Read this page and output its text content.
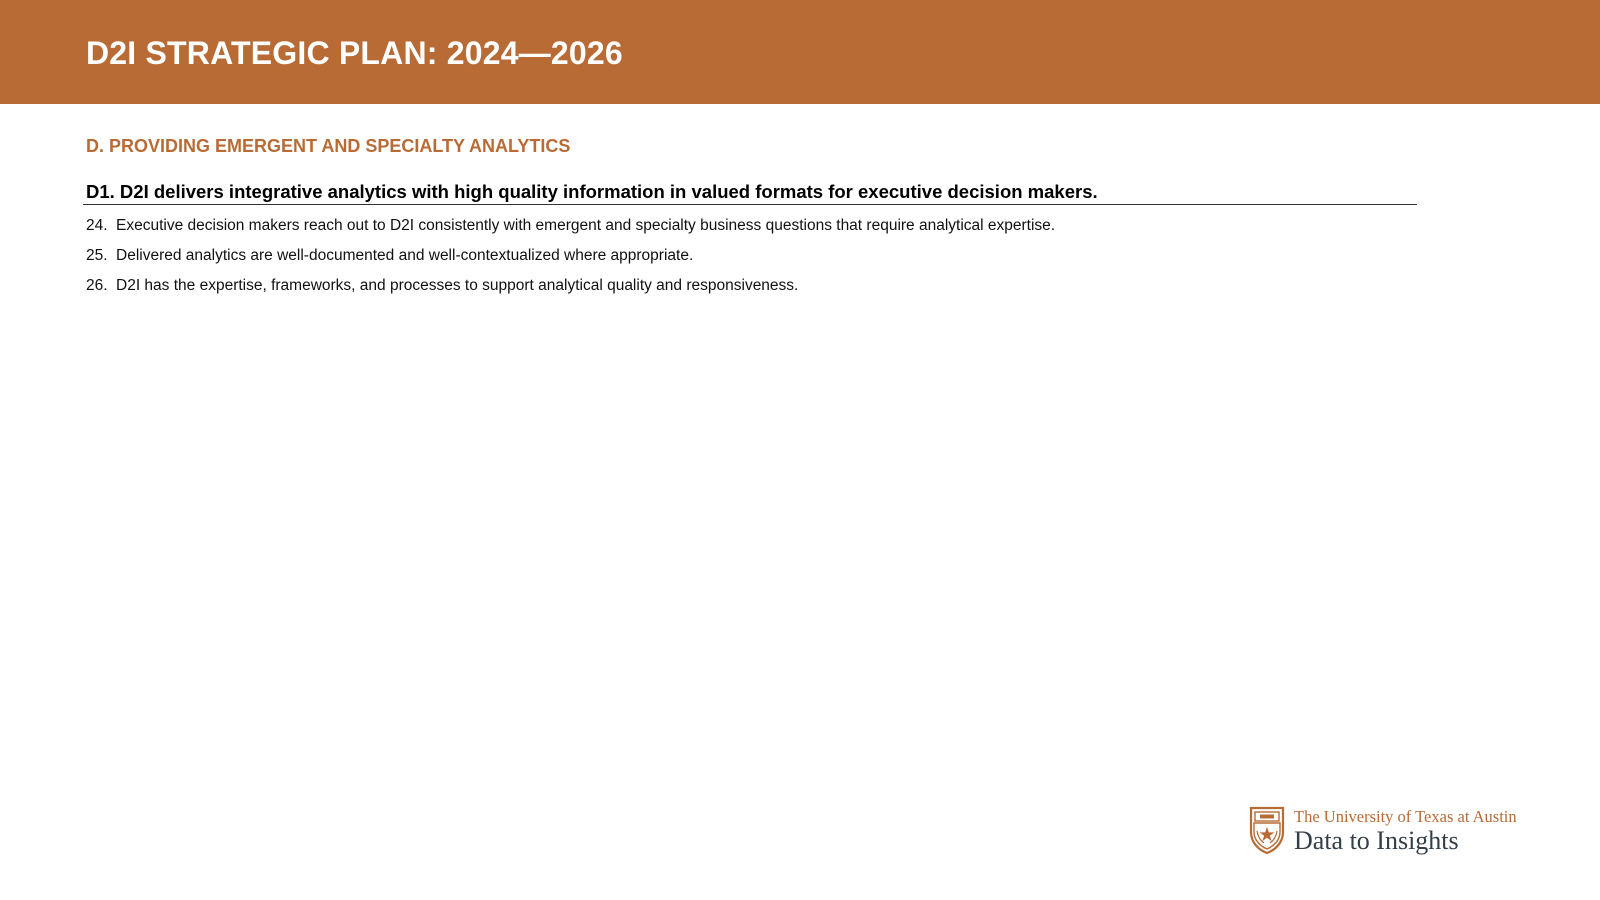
D2I STRATEGIC PLAN: 2024—2026
D. PROVIDING EMERGENT AND SPECIALTY ANALYTICS
D1. D2I delivers integrative analytics with high quality information in valued formats for executive decision makers.
24. Executive decision makers reach out to D2I consistently with emergent and specialty business questions that require analytical expertise.
25. Delivered analytics are well-documented and well-contextualized where appropriate.
26. D2I has the expertise, frameworks, and processes to support analytical quality and responsiveness.
The University of Texas at Austin
Data to Insights
